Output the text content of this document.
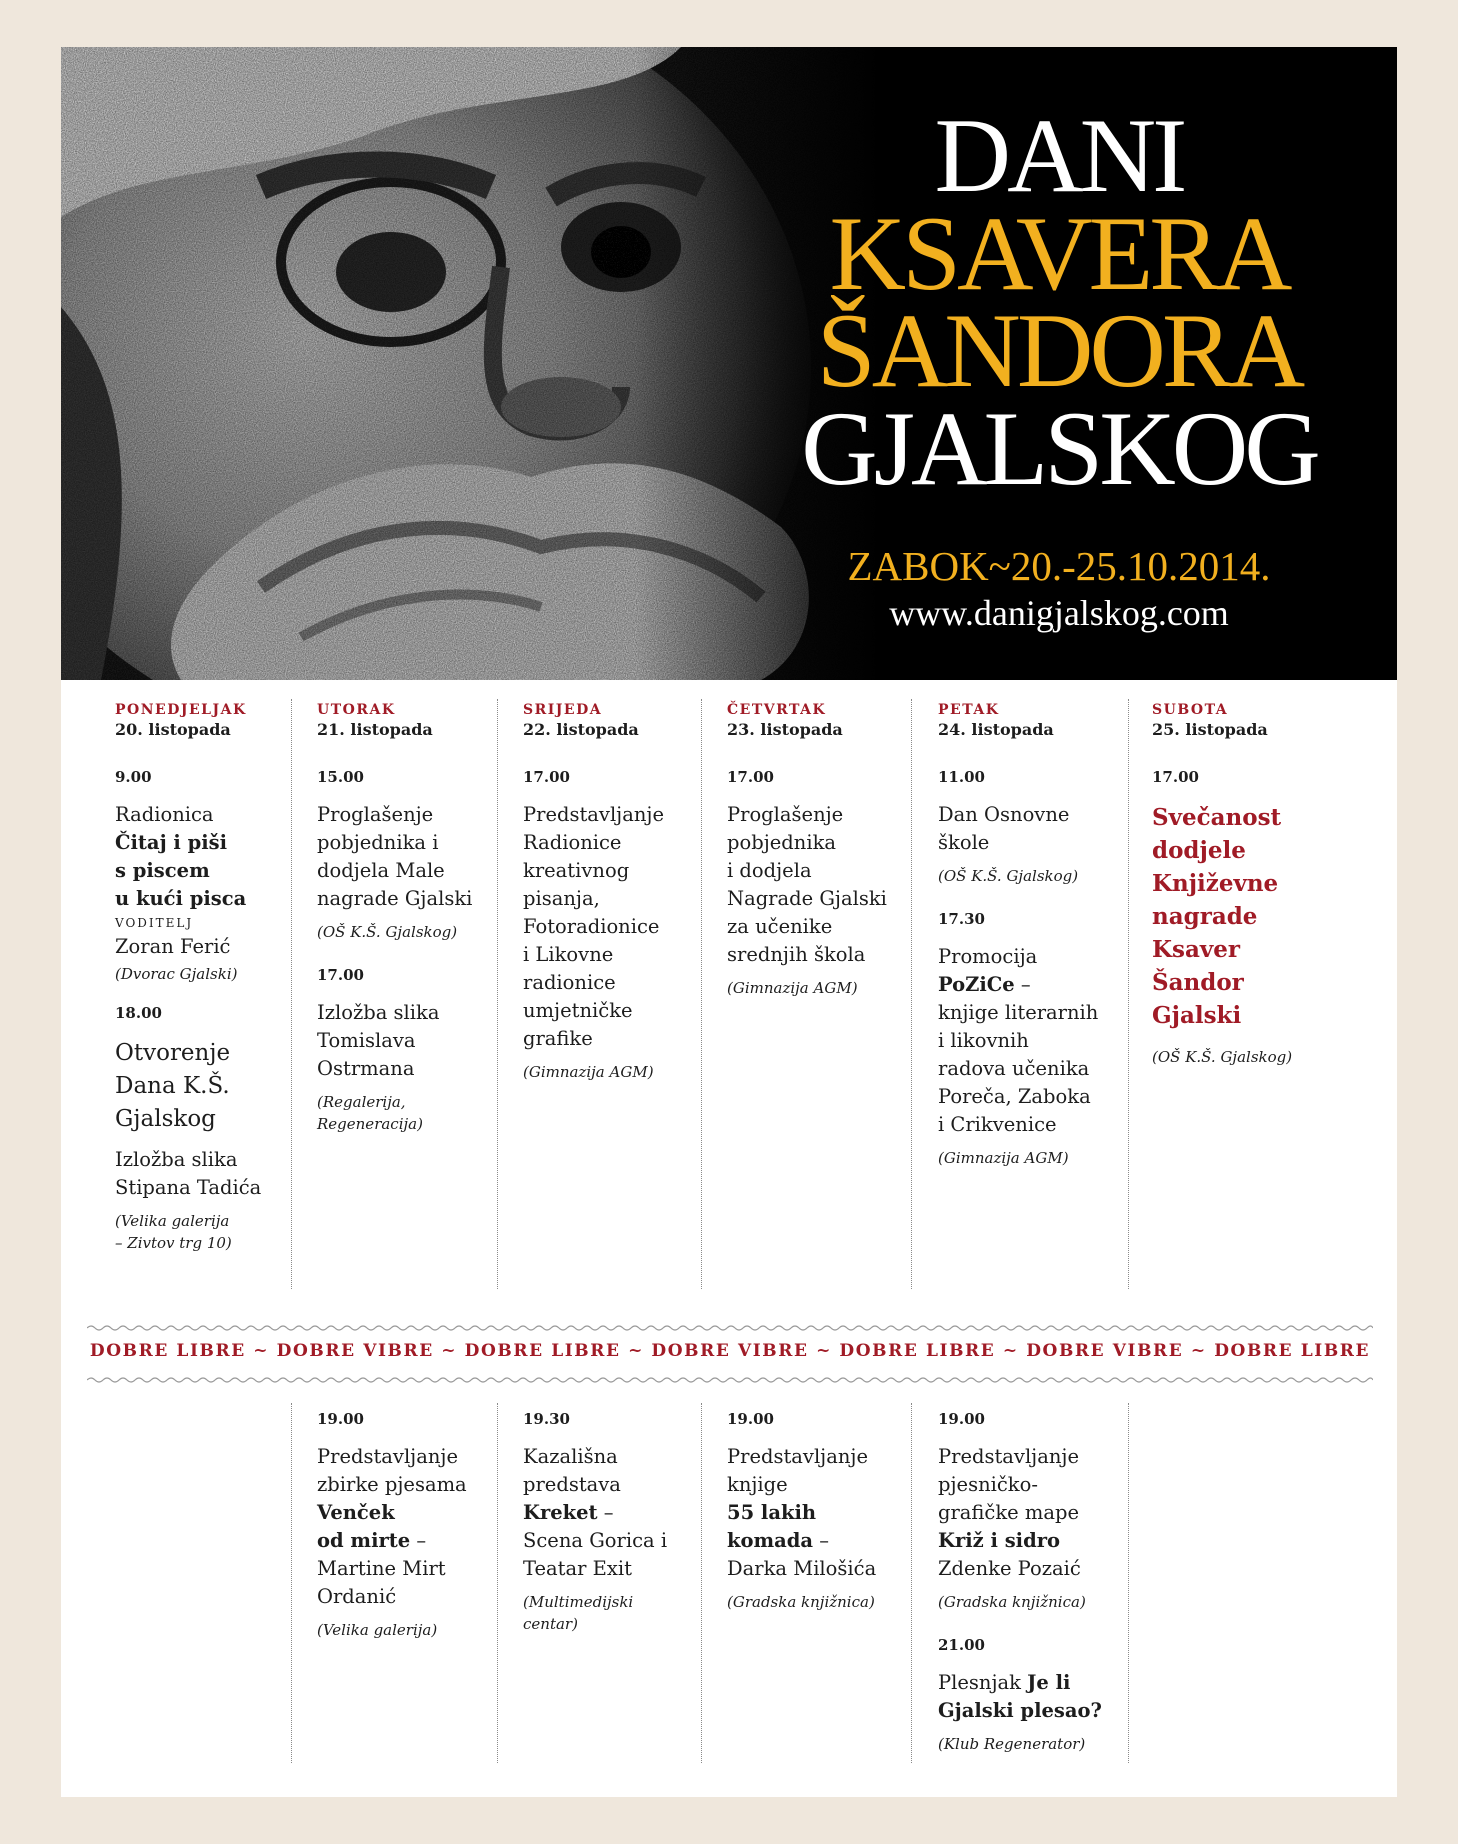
DANI
KSAVERA
ŠANDORA
GJALSKOG
ZABOK~20.-25.10.2014.
www.danigjalskog.com
PONEDJELJAK
20. listopada
9.00
Radionica
Čitaj i piši
s piscem
u kući pisca
VODITELJ
Zoran Ferić
(Dvorac Gjalski)
18.00
Otvorenje
Dana K.Š.
Gjalskog
Izložba slika
Stipana Tadića
(Velika galerija
– Zivtov trg 10)
UTORAK
21. listopada
15.00
Proglašenje
pobjednika i
dodjela Male
nagrade Gjalski
(OŠ K.Š. Gjalskog)
17.00
Izložba slika
Tomislava
Ostrmana
(Regalerija,
Regeneracija)
SRIJEDA
22. listopada
17.00
Predstavljanje
Radionice
kreativnog
pisanja,
Fotoradionice
i Likovne
radionice
umjetničke
grafike
(Gimnazija AGM)
ČETVRTAK
23. listopada
17.00
Proglašenje
pobjednika
i dodjela
Nagrade Gjalski
za učenike
srednjih škola
(Gimnazija AGM)
PETAK
24. listopada
11.00
Dan Osnovne
škole
(OŠ K.Š. Gjalskog)
17.30
Promocija
PoZiCe –
knjige literarnih
i likovnih
radova učenika
Poreča, Zaboka
i Crikvenice
(Gimnazija AGM)
SUBOTA
25. listopada
17.00
Svečanost
dodjele
Književne
nagrade
Ksaver
Šandor
Gjalski
(OŠ K.Š. Gjalskog)
DOBRE LIBRE ~ DOBRE VIBRE ~ DOBRE LIBRE ~ DOBRE VIBRE ~ DOBRE LIBRE ~ DOBRE VIBRE ~ DOBRE LIBRE
19.00
Predstavljanje
zbirke pjesama
Venček
od mirte –
Martine Mirt
Ordanić
(Velika galerija)
19.30
Kazališna
predstava
Kreket –
Scena Gorica i
Teatar Exit
(Multimedijski
centar)
19.00
Predstavljanje
knjige
55 lakih
komada –
Darka Milošića
(Gradska knjižnica)
19.00
Predstavljanje
pjesničko-
grafičke mape
Križ i sidro
Zdenke Pozaić
(Gradska knjižnica)
21.00
Plesnjak Je li
Gjalski plesao?
(Klub Regenerator)
